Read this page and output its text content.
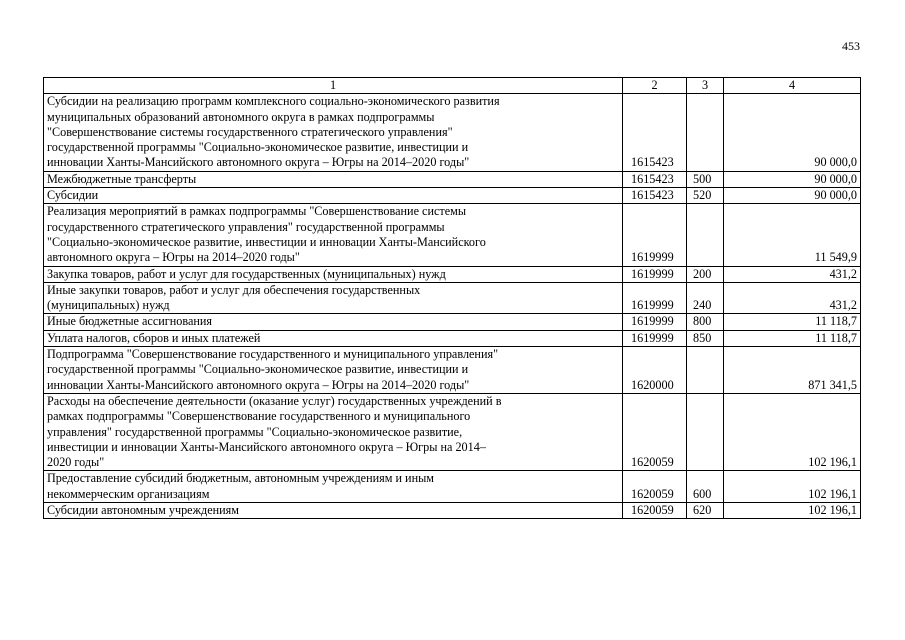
453
1	2	3	4
Субсидии на реализацию программ комплексного социально-экономического развития
муниципальных образований автономного округа в рамках подпрограммы
"Совершенствование системы государственного стратегического управления"
государственной программы "Социально-экономическое развитие, инвестиции и
инновации Ханты-Мансийского автономного округа – Югры на 2014–2020 годы"	1615423		90 000,0
Межбюджетные трансферты	1615423	500	90 000,0
Субсидии	1615423	520	90 000,0
Реализация мероприятий в рамках подпрограммы "Совершенствование системы
государственного стратегического управления" государственной программы
"Социально-экономическое развитие, инвестиции и инновации Ханты-Мансийского
автономного округа – Югры на 2014–2020 годы"	1619999		11 549,9
Закупка товаров, работ и услуг для государственных (муниципальных) нужд	1619999	200	431,2
Иные закупки товаров, работ и услуг для обеспечения государственных
(муниципальных) нужд	1619999	240	431,2
Иные бюджетные ассигнования	1619999	800	11 118,7
Уплата налогов, сборов и иных платежей	1619999	850	11 118,7
Подпрограмма "Совершенствование государственного и муниципального управления"
государственной программы "Социально-экономическое развитие, инвестиции и
инновации Ханты-Мансийского автономного округа – Югры на 2014–2020 годы"	1620000		871 341,5
Расходы на обеспечение деятельности (оказание услуг) государственных учреждений в
рамках подпрограммы "Совершенствование государственного и муниципального
управления" государственной программы "Социально-экономическое развитие,
инвестиции и инновации Ханты-Мансийского автономного округа – Югры на 2014–
2020 годы"	1620059		102 196,1
Предоставление субсидий бюджетным, автономным учреждениям и иным
некоммерческим организациям	1620059	600	102 196,1
Субсидии автономным учреждениям	1620059	620	102 196,1
